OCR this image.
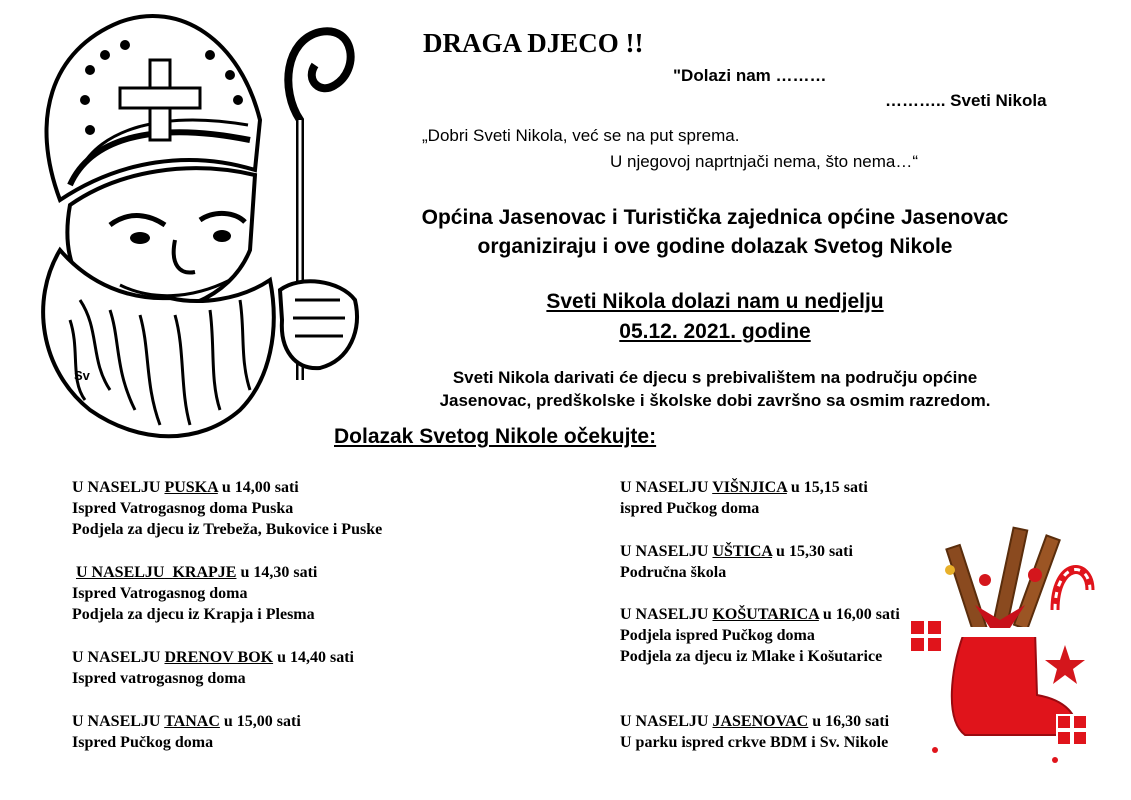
DRAGA DJECO !!
"Dolazi nam ………
……….. Sveti Nikola
„Dobri Sveti Nikola, već se na put sprema.
U njegovoj naprtnjači nema, što nema…“
Općina Jasenovac i Turistička zajednica općine Jasenovac
organiziraju i ove godine dolazak Svetog Nikole
Sveti Nikola dolazi nam u nedjelju
05.12. 2021. godine
Sv	Sveti Nikola darivati će djecu s prebivalištem na području općine
Jasenovac, predškolske i školske dobi završno sa osmim razredom.
Dolazak Svetog Nikole očekujte:
U NASELJU PUSKA u 14,00 sati
Ispred Vatrogasnog doma Puska
Podjela za djecu iz Trebeža, Bukovice i Puske
U NASELJU KRAPJE u 14,30 sati
Ispred Vatrogasnog doma
Podjela za djecu iz Krapja i Plesma
U NASELJU DRENOV BOK u 14,40 sati
Ispred vatrogasnog doma
U NASELJU TANAC u 15,00 sati
Ispred Pučkog doma
U NASELJU VIŠNJICA u 15,15 sati
ispred Pučkog doma
U NASELJU UŠTICA u 15,30 sati
Područna škola
U NASELJU KOŠUTARICA u 16,00 sati
Podjela ispred Pučkog doma
Podjela za djecu iz Mlake i Košutarice
U NASELJU JASENOVAC u 16,30 sati
U parku ispred crkve BDM i Sv. Nikole
